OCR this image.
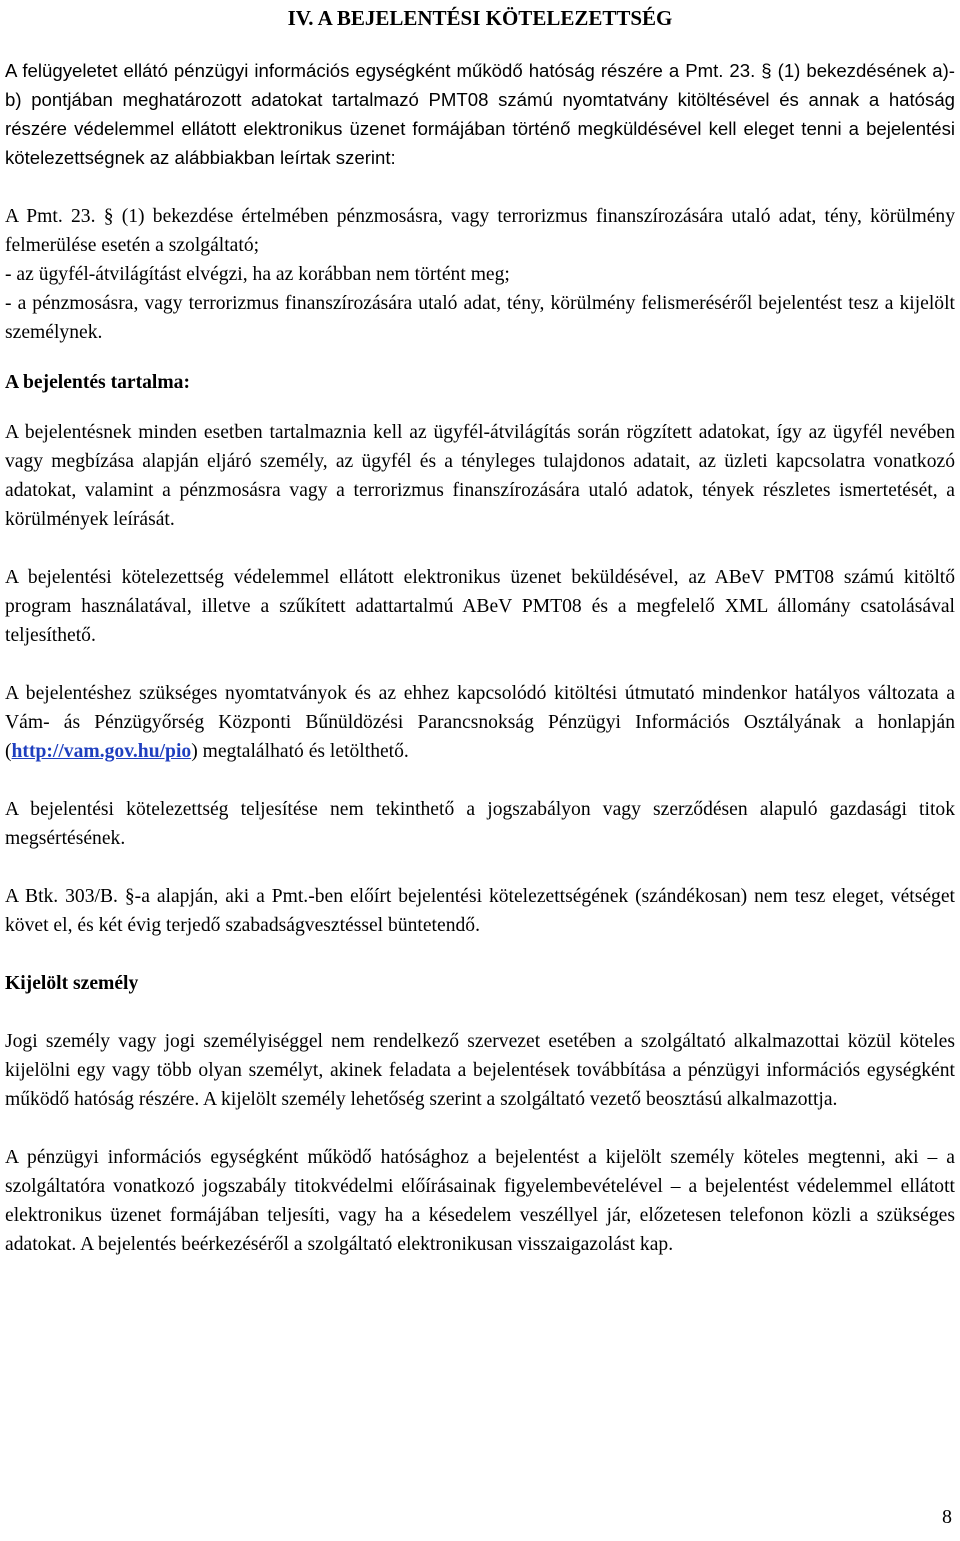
IV. A BEJELENTÉSI KÖTELEZETTSÉG

A felügyeletet ellátó pénzügyi információs egységként működő hatóság részére a Pmt. 23. § (1) bekezdésének a)-b) pontjában meghatározott adatokat tartalmazó PMT08 számú nyomtatvány kitöltésével és annak a hatóság részére védelemmel ellátott elektronikus üzenet formájában történő megküldésével kell eleget tenni a bejelentési kötelezettségnek az alábbiakban leírtak szerint:

A Pmt. 23. § (1) bekezdése értelmében pénzmosásra, vagy terrorizmus finanszírozására utaló adat, tény, körülmény felmerülése esetén a szolgáltató;
- az ügyfél-átvilágítást elvégzi, ha az korábban nem történt meg;
- a pénzmosásra, vagy terrorizmus finanszírozására utaló adat, tény, körülmény felismeréséről bejelentést tesz a kijelölt személynek.

A bejelentés tartalma:

A bejelentésnek minden esetben tartalmaznia kell az ügyfél-átvilágítás során rögzített adatokat, így az ügyfél nevében vagy megbízása alapján eljáró személy, az ügyfél és a tényleges tulajdonos adatait, az üzleti kapcsolatra vonatkozó adatokat, valamint a pénzmosásra vagy a terrorizmus finanszírozására utaló adatok, tények részletes ismertetését, a körülmények leírását.

A bejelentési kötelezettség védelemmel ellátott elektronikus üzenet beküldésével, az ABeV PMT08 számú kitöltő program használatával, illetve a szűkített adattartalmú ABeV PMT08 és a megfelelő XML állomány csatolásával teljesíthető.

A bejelentéshez szükséges nyomtatványok és az ehhez kapcsolódó kitöltési útmutató mindenkor hatályos változata a Vám- ás Pénzügyőrség Központi Bűnüldözési Parancsnokság Pénzügyi Információs Osztályának a honlapján (http://vam.gov.hu/pio) megtalálható és letölthető.

A bejelentési kötelezettség teljesítése nem tekinthető a jogszabályon vagy szerződésen alapuló gazdasági titok megsértésének.

A Btk. 303/B. §-a alapján, aki a Pmt.-ben előírt bejelentési kötelezettségének (szándékosan) nem tesz eleget, vétséget követ el, és két évig terjedő szabadságvesztéssel büntetendő.

Kijelölt személy

Jogi személy vagy jogi személyiséggel nem rendelkező szervezet esetében a szolgáltató alkalmazottai közül köteles kijelölni egy vagy több olyan személyt, akinek feladata a bejelentések továbbítása a pénzügyi információs egységként működő hatóság részére. A kijelölt személy lehetőség szerint a szolgáltató vezető beosztású alkalmazottja.

A pénzügyi információs egységként működő hatósághoz a bejelentést a kijelölt személy köteles megtenni, aki – a szolgáltatóra vonatkozó jogszabály titokvédelmi előírásainak figyelembevételével – a bejelentést védelemmel ellátott elektronikus üzenet formájában teljesíti, vagy ha a késedelem veszéllyel jár, előzetesen telefonon közli a szükséges adatokat. A bejelentés beérkezéséről a szolgáltató elektronikusan visszaigazolást kap.

8
